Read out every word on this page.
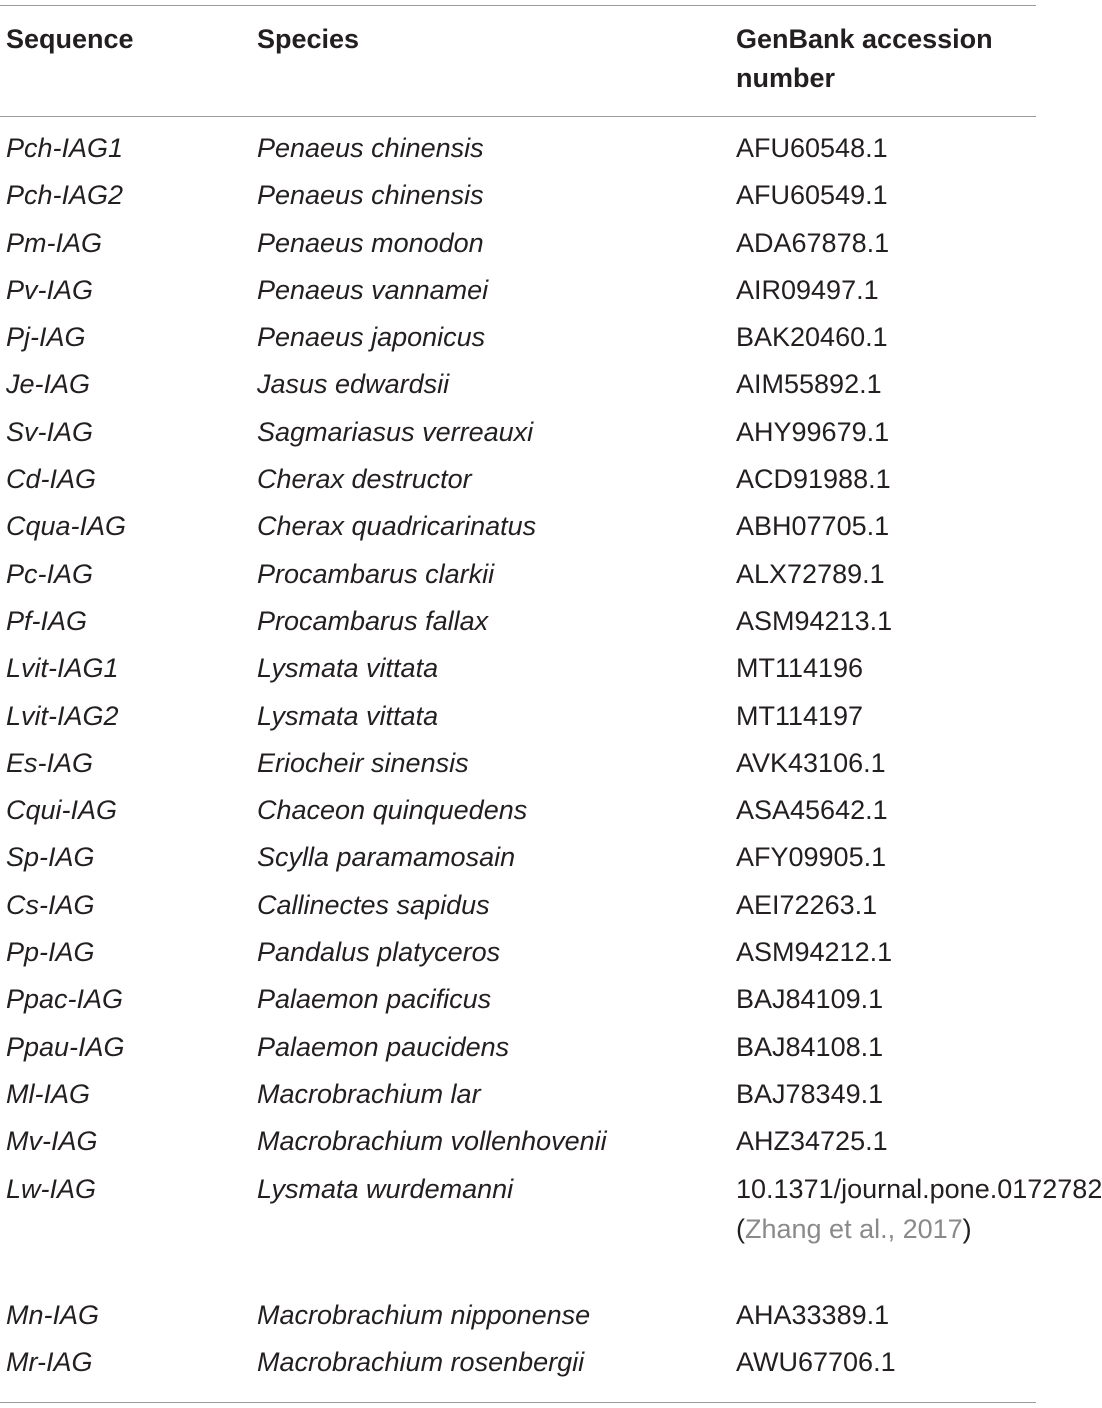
Sequence	Species	GenBank accession number
Pch-IAG1	Penaeus chinensis	AFU60548.1
Pch-IAG2	Penaeus chinensis	AFU60549.1
Pm-IAG	Penaeus monodon	ADA67878.1
Pv-IAG	Penaeus vannamei	AIR09497.1
Pj-IAG	Penaeus japonicus	BAK20460.1
Je-IAG	Jasus edwardsii	AIM55892.1
Sv-IAG	Sagmariasus verreauxi	AHY99679.1
Cd-IAG	Cherax destructor	ACD91988.1
Cqua-IAG	Cherax quadricarinatus	ABH07705.1
Pc-IAG	Procambarus clarkii	ALX72789.1
Pf-IAG	Procambarus fallax	ASM94213.1
Lvit-IAG1	Lysmata vittata	MT114196
Lvit-IAG2	Lysmata vittata	MT114197
Es-IAG	Eriocheir sinensis	AVK43106.1
Cqui-IAG	Chaceon quinquedens	ASA45642.1
Sp-IAG	Scylla paramamosain	AFY09905.1
Cs-IAG	Callinectes sapidus	AEI72263.1
Pp-IAG	Pandalus platyceros	ASM94212.1
Ppac-IAG	Palaemon pacificus	BAJ84109.1
Ppau-IAG	Palaemon paucidens	BAJ84108.1
Ml-IAG	Macrobrachium lar	BAJ78349.1
Mv-IAG	Macrobrachium vollenhovenii	AHZ34725.1
Lw-IAG	Lysmata wurdemanni	10.1371/journal.pone.0172782 (Zhang et al., 2017)
Mn-IAG	Macrobrachium nipponense	AHA33389.1
Mr-IAG	Macrobrachium rosenbergii	AWU67706.1
